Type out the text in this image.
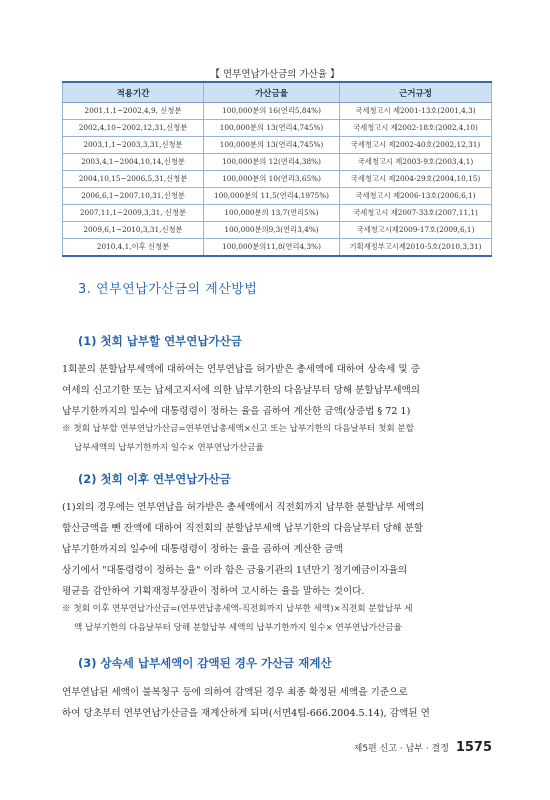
【 연부연납가산금의 가산율 】
적용기간	가산금율	근거규정
2001,1,1~2002,4,9, 신청분	100,000분의 16(연리5,84%)	국세청고시 제2001-13호(2001,4,3)
2002,4,10~2002,12,31,신청분	100,000분의 13(연리4,745%)	국세청고시 제2002-18호(2002,4,10)
2003,1,1~2003,3,31,신청분	100,000분의 13(연리4,745%)	국세청고시 제2002-40호(2002,12,31)
2003,4,1~2004,10,14,신청분	100,000분의 12(연리4,38%)	국세청고시 제2003-9호(2003,4,1)
2004,10,15~2006,5,31,신청분	100,000분의 10(연리3,65%)	국세청고시 제2004-29호(2004,10,15)
2006,6,1~2007,10,31,신청분	100,000분의 11,5(연리4,1975%)	국세청고시 제2006-13호(2006,6,1)
2007,11,1~2009,3,31, 신청분	100,000분의 13,7(연리5%)	국세청고시 제2007-33호(2007,11,1)
2009,6,1~2010,3,31,신청분	100,000분의9,3(연리3,4%)	국세청고시제2009-17호(2009,6,1)
2010,4,1,이후 신청분	100,000분의11,8(연리4,3%)	기획재정부고시제2010-5호(2010,3,31)
3. 연부연납가산금의 계산방법
(1) 첫회 납부할 연부연납가산금

1회분의 분할납부세액에 대하여는 연부연납을 허가받은 총세액에 대하여 상속세 및 증

여세의 신고기한 또는 납세고지서에 의한 납부기한의 다음날부터 당해 분할납부세액의

납부기한까지의 일수에 대통령령이 정하는 율을 곱하여 계산한 금액(상증법 § 72 1)

※ 첫회 납부할 연부연납가산금=연부연납총세액×신고 또는 납부기한의 다음날부터 첫회 분할

납부세액의 납부기한까지 일수× 연부연납가산금율

(2) 첫회 이후 연부연납가산금

(1)외의 경우에는 연부연납을 허가받은 총세액에서 직전회까지 납부한 분할납부 세액의

합산금액을 뺀 잔액에 대하여 직전회의 분할납부세액 납부기한의 다음날부터 당해 분할

납부기한까지의 일수에 대통령령이 정하는 율을 곱하여 계산한 금액

상기에서 "대통령령이 정하는 율" 이라 함은 금융기관의 1년만기 정기예금이자율의

평균을 감안하여 기획재정부장관이 정하여 고시하는 율을 말하는 것이다.

※ 첫회 이후 연부연납가산금=(연부연납총세액-직전회까지 납부한 세액)×직전회 분할납부 세

액 납부기한의 다음날부터 당해 분할납부 세액의 납부기한까지 일수× 연부연납가산금율

(3) 상속세 납부세액이 감액된 경우 가산금 재계산

연부연납된 세액이 불복청구 등에 의하여 감액된 경우 최종 확정된 세액을 기준으로

하여 당초부터 연부연납가산금을 재계산하게 되며(서면4팀-666.2004.5.14), 감액된 연

제5편 신고 · 납부 · 결정 1575
